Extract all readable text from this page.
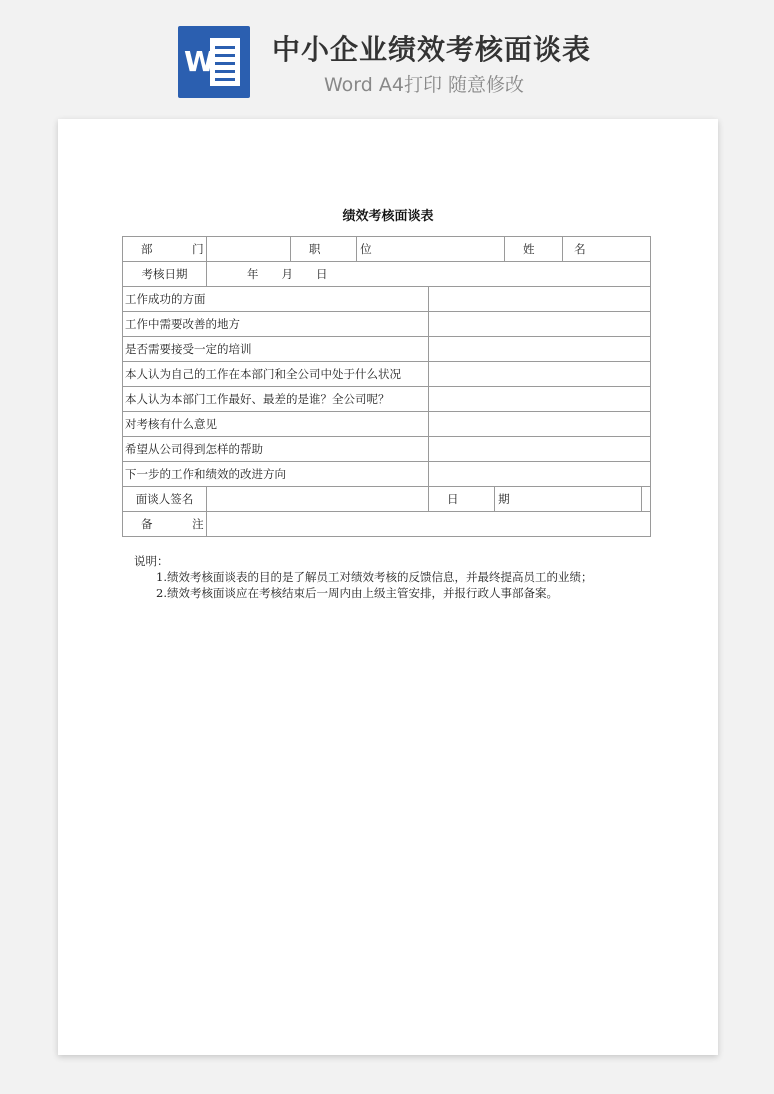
W 中小企业绩效考核面谈表
Word A4打印 随意修改
绩效考核面谈表
部 门		职 位				姓 名		
考核日期	年　　月　　日							
工作成功的方面								
工作中需要改善的地方								
是否需要接受一定的培训								
本人认为自己的工作在本部门和全公司中处于什么状况								
本人认为本部门工作最好、最差的是谁？全公司呢？								
对考核有什么意见								
希望从公司得到怎样的帮助								
下一步的工作和绩效的改进方向								
面谈人签名				日 期				
备 注								
说明：
1.绩效考核面谈表的目的是了解员工对绩效考核的反馈信息，并最终提高员工的业绩；
2.绩效考核面谈应在考核结束后一周内由上级主管安排，并报行政人事部备案。
